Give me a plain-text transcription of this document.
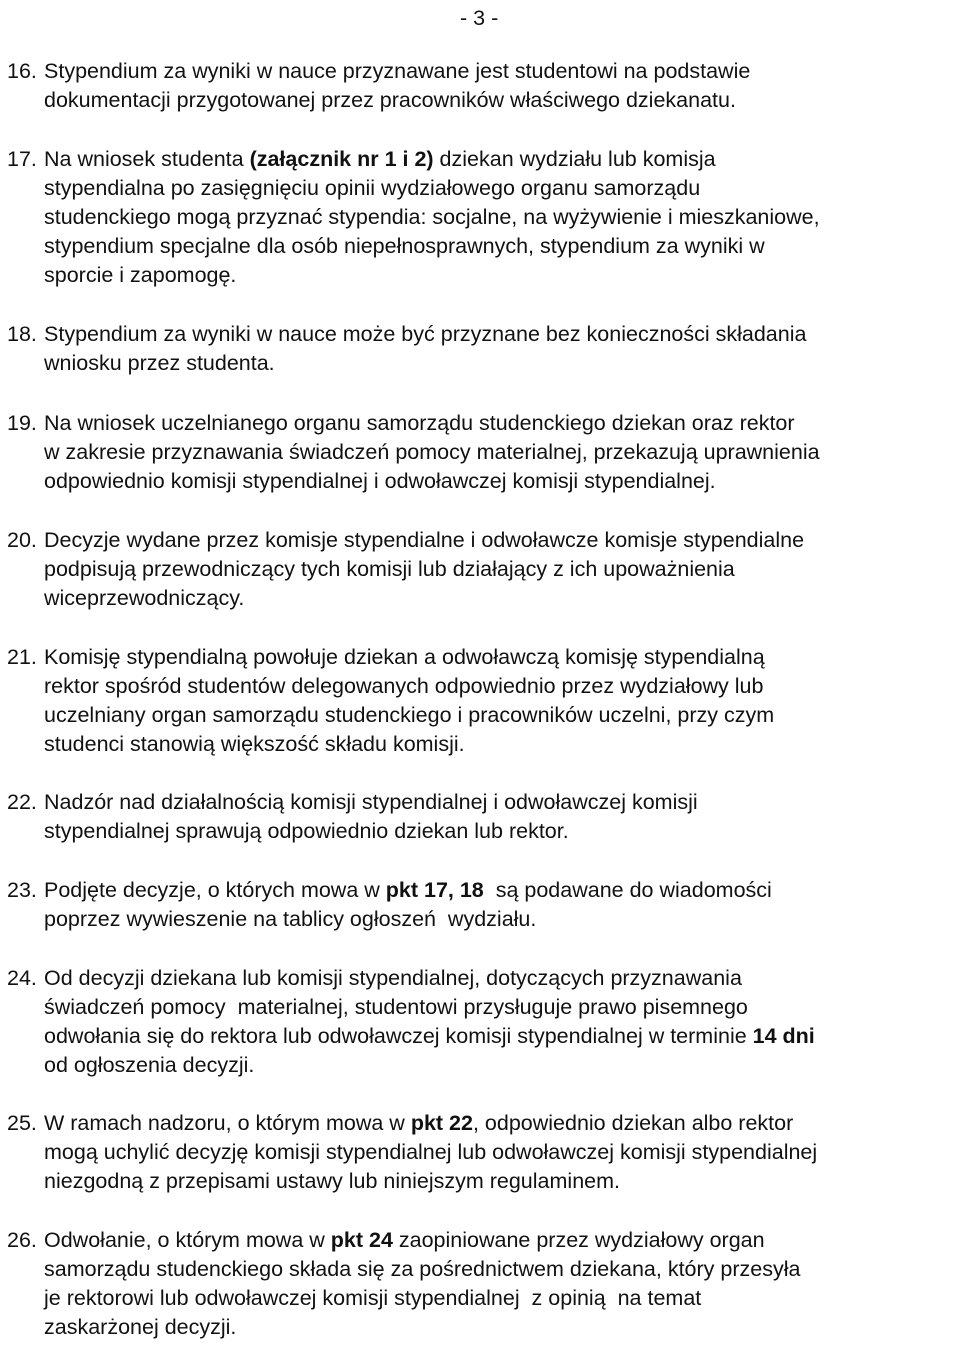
- 3 -
16. Stypendium za wyniki w nauce przyznawane jest studentowi na podstawie
dokumentacji przygotowanej przez pracowników właściwego dziekanatu.
17. Na wniosek studenta (załącznik nr 1 i 2) dziekan wydziału lub komisja
stypendialna po zasięgnięciu opinii wydziałowego organu samorządu
studenckiego mogą przyznać stypendia: socjalne, na wyżywienie i mieszkaniowe,
stypendium specjalne dla osób niepełnosprawnych, stypendium za wyniki w
sporcie i zapomogę.
18. Stypendium za wyniki w nauce może być przyznane bez konieczności składania
wniosku przez studenta.
19. Na wniosek uczelnianego organu samorządu studenckiego dziekan oraz rektor
w zakresie przyznawania świadczeń pomocy materialnej, przekazują uprawnienia
odpowiednio komisji stypendialnej i odwoławczej komisji stypendialnej.
20. Decyzje wydane przez komisje stypendialne i odwoławcze komisje stypendialne
podpisują przewodniczący tych komisji lub działający z ich upoważnienia
wiceprzewodniczący.
21. Komisję stypendialną powołuje dziekan a odwoławczą komisję stypendialną
rektor spośród studentów delegowanych odpowiednio przez wydziałowy lub
uczelniany organ samorządu studenckiego i pracowników uczelni, przy czym
studenci stanowią większość składu komisji.
22. Nadzór nad działalnością komisji stypendialnej i odwoławczej komisji
stypendialnej sprawują odpowiednio dziekan lub rektor.
23. Podjęte decyzje, o których mowa w pkt 17, 18  są podawane do wiadomości
poprzez wywieszenie na tablicy ogłoszeń  wydziału.
24. Od decyzji dziekana lub komisji stypendialnej, dotyczących przyznawania
świadczeń pomocy  materialnej, studentowi przysługuje prawo pisemnego
odwołania się do rektora lub odwoławczej komisji stypendialnej w terminie 14 dni
od ogłoszenia decyzji.
25. W ramach nadzoru, o którym mowa w pkt 22, odpowiednio dziekan albo rektor
mogą uchylić decyzję komisji stypendialnej lub odwoławczej komisji stypendialnej
niezgodną z przepisami ustawy lub niniejszym regulaminem.
26. Odwołanie, o którym mowa w pkt 24 zaopiniowane przez wydziałowy organ
samorządu studenckiego składa się za pośrednictwem dziekana, który przesyła
je rektorowi lub odwoławczej komisji stypendialnej  z opinią  na temat
zaskarżonej decyzji.
